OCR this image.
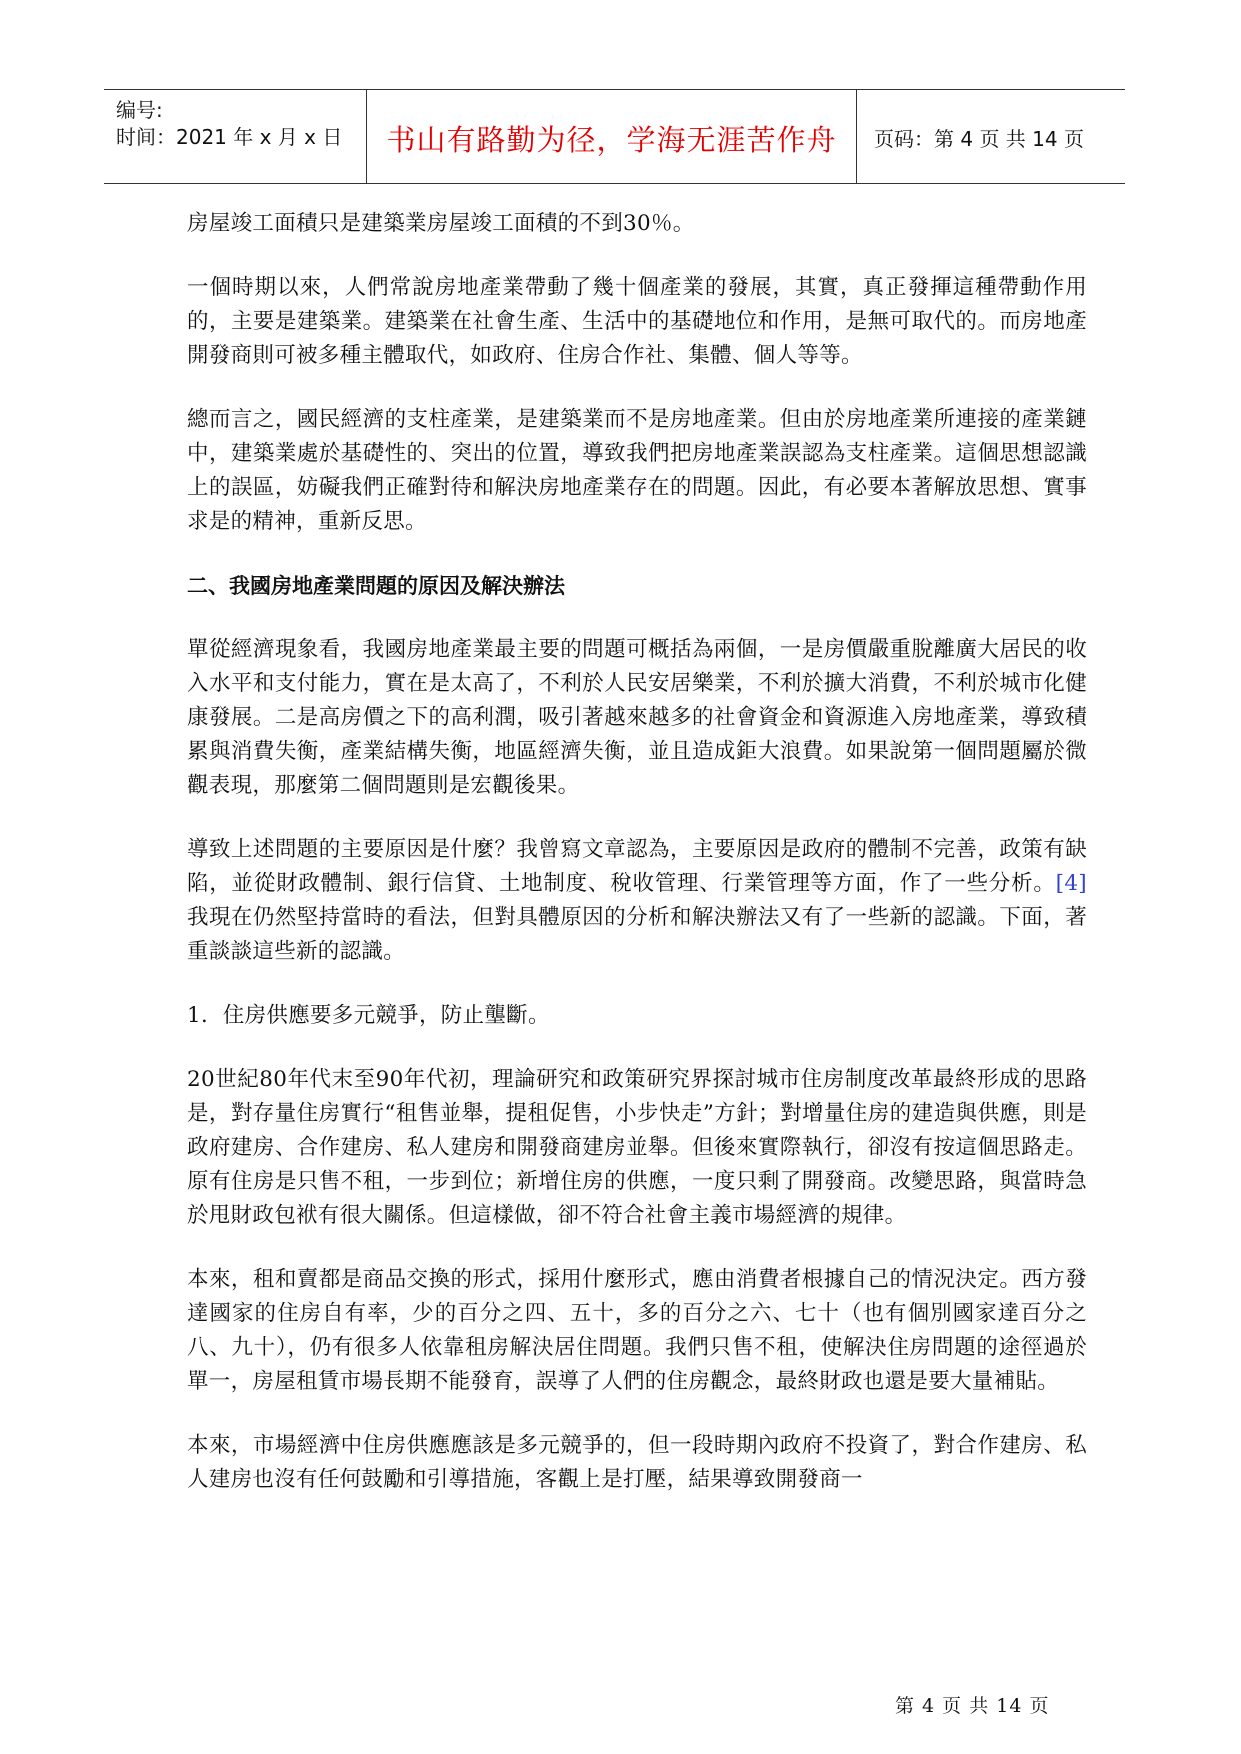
编号:
时间：2021 年 x 月 x 日	书山有路勤为径，学海无涯苦作舟	页码：第 4 页 共 14 页

房屋竣工面積只是建築業房屋竣工面積的不到30％。

一個時期以來，人們常說房地產業帶動了幾十個產業的發展，其實，真正發揮這種帶動作用的，主要是建築業。建築業在社會生產、生活中的基礎地位和作用，是無可取代的。而房地產開發商則可被多種主體取代，如政府、住房合作社、集體、個人等等。

總而言之，國民經濟的支柱產業，是建築業而不是房地產業。但由於房地產業所連接的產業鏈中，建築業處於基礎性的、突出的位置，導致我們把房地產業誤認為支柱產業。這個思想認識上的誤區，妨礙我們正確對待和解決房地產業存在的問題。因此，有必要本著解放思想、實事求是的精神，重新反思。

二、我國房地產業問題的原因及解決辦法

單從經濟現象看，我國房地產業最主要的問題可概括為兩個，一是房價嚴重脫離廣大居民的收入水平和支付能力，實在是太高了，不利於人民安居樂業，不利於擴大消費，不利於城市化健康發展。二是高房價之下的高利潤，吸引著越來越多的社會資金和資源進入房地產業，導致積累與消費失衡，產業結構失衡，地區經濟失衡，並且造成鉅大浪費。如果說第一個問題屬於微觀表現，那麼第二個問題則是宏觀後果。

導致上述問題的主要原因是什麼？我曾寫文章認為，主要原因是政府的體制不完善，政策有缺陷，並從財政體制、銀行信貸、土地制度、稅收管理、行業管理等方面，作了一些分析。[4]我現在仍然堅持當時的看法，但對具體原因的分析和解決辦法又有了一些新的認識。下面，著重談談這些新的認識。

1．住房供應要多元競爭，防止壟斷。

20世紀80年代末至90年代初，理論研究和政策研究界探討城市住房制度改革最終形成的思路是，對存量住房實行“租售並舉，提租促售，小步快走”方針；對增量住房的建造與供應，則是政府建房、合作建房、私人建房和開發商建房並舉。但後來實際執行，卻沒有按這個思路走。原有住房是只售不租，一步到位；新增住房的供應，一度只剩了開發商。改變思路，與當時急於甩財政包袱有很大關係。但這樣做，卻不符合社會主義市場經濟的規律。

本來，租和賣都是商品交換的形式，採用什麼形式，應由消費者根據自己的情況決定。西方發達國家的住房自有率，少的百分之四、五十，多的百分之六、七十（也有個別國家達百分之八、九十），仍有很多人依靠租房解決居住問題。我們只售不租，使解決住房問題的途徑過於單一，房屋租賃市場長期不能發育，誤導了人們的住房觀念，最終財政也還是要大量補貼。

本來，市場經濟中住房供應應該是多元競爭的，但一段時期內政府不投資了，對合作建房、私人建房也沒有任何鼓勵和引導措施，客觀上是打壓，結果導致開發商一

第 4 页 共 14 页
